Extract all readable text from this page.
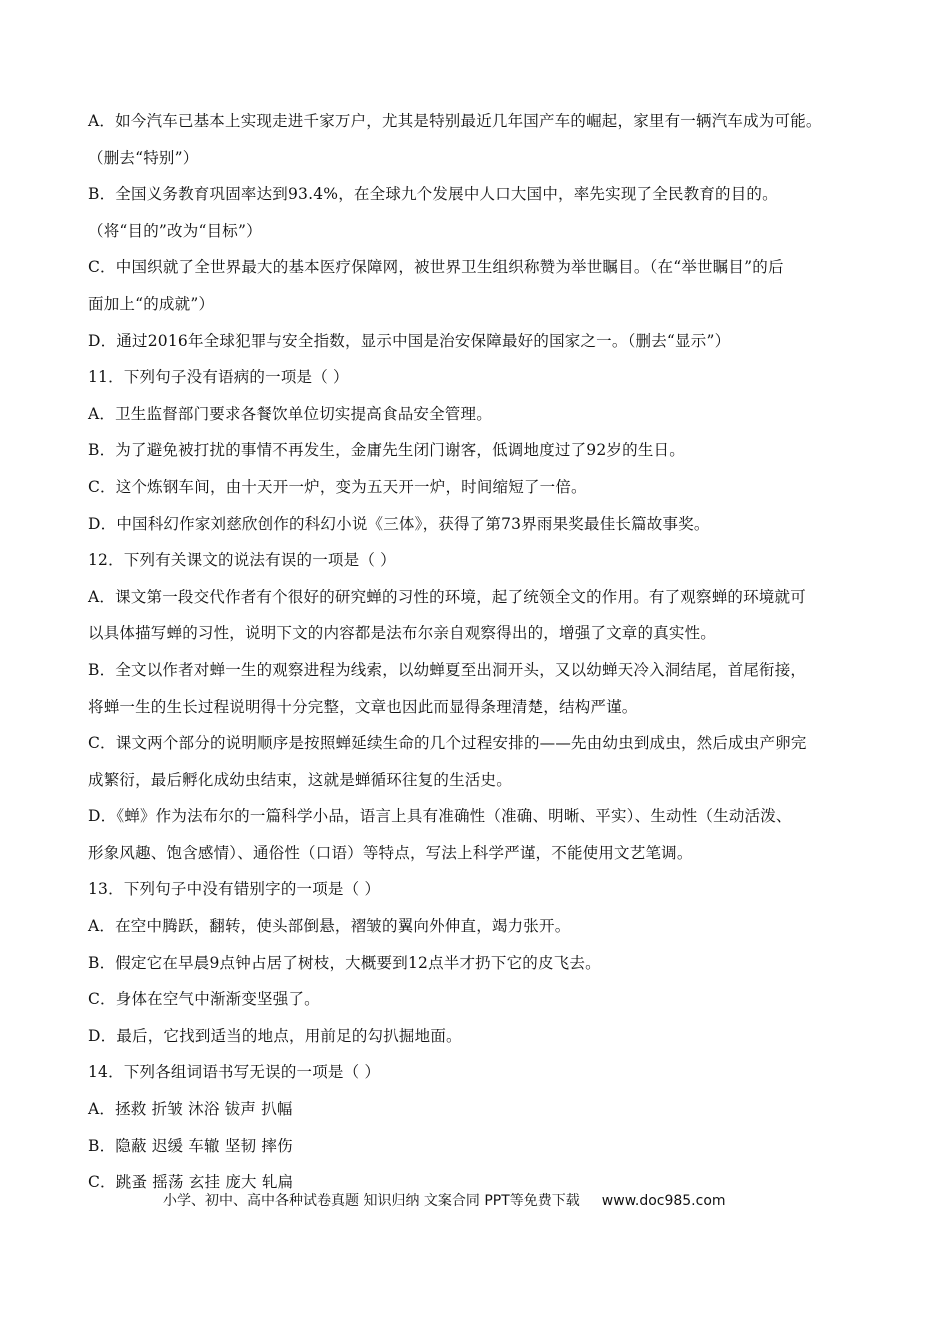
A．如今汽车已基本上实现走进千家万户，尤其是特别最近几年国产车的崛起，家里有一辆汽车成为可能。
（删去“特别”）
B．全国义务教育巩固率达到93.4%，在全球九个发展中人口大国中，率先实现了全民教育的目的。
（将“目的”改为“目标”）
C．中国织就了全世界最大的基本医疗保障网，被世界卫生组织称赞为举世瞩目。（在“举世瞩目”的后
面加上“的成就”）
D．通过2016年全球犯罪与安全指数，显示中国是治安保障最好的国家之一。（删去“显示”）
11．下列句子没有语病的一项是（ ）
A．卫生监督部门要求各餐饮单位切实提高食品安全管理。
B．为了避免被打扰的事情不再发生，金庸先生闭门谢客，低调地度过了92岁的生日。
C．这个炼钢车间，由十天开一炉，变为五天开一炉，时间缩短了一倍。
D．中国科幻作家刘慈欣创作的科幻小说《三体》，获得了第73界雨果奖最佳长篇故事奖。
12．下列有关课文的说法有误的一项是（ ）
A．课文第一段交代作者有个很好的研究蝉的习性的环境，起了统领全文的作用。有了观察蝉的环境就可
以具体描写蝉的习性，说明下文的内容都是法布尔亲自观察得出的，增强了文章的真实性。
B．全文以作者对蝉一生的观察进程为线索，以幼蝉夏至出洞开头，又以幼蝉天冷入洞结尾，首尾衔接，
将蝉一生的生长过程说明得十分完整，文章也因此而显得条理清楚，结构严谨。
C．课文两个部分的说明顺序是按照蝉延续生命的几个过程安排的——先由幼虫到成虫，然后成虫产卵完
成繁衍，最后孵化成幼虫结束，这就是蝉循环往复的生活史。
D．《蝉》作为法布尔的一篇科学小品，语言上具有准确性（准确、明晰、平实）、生动性（生动活泼、
形象风趣、饱含感情）、通俗性（口语）等特点，写法上科学严谨，不能使用文艺笔调。
13．下列句子中没有错别字的一项是（ ）
A．在空中腾跃，翻转，使头部倒悬，褶皱的翼向外伸直，竭力张开。
B．假定它在早晨9点钟占居了树枝，大概要到12点半才扔下它的皮飞去。
C．身体在空气中渐渐变坚强了。
D．最后，它找到适当的地点，用前足的勾扒掘地面。
14．下列各组词语书写无误的一项是（ ）
A．拯救 折皱 沐浴 钹声 扒幅
B．隐蔽 迟缓 车辙 坚韧 摔伤
C．跳蚤 摇荡 玄挂 庞大 轧扁
小学、初中、高中各种试卷真题 知识归纳 文案合同 PPT等免费下载 www.doc985.com
